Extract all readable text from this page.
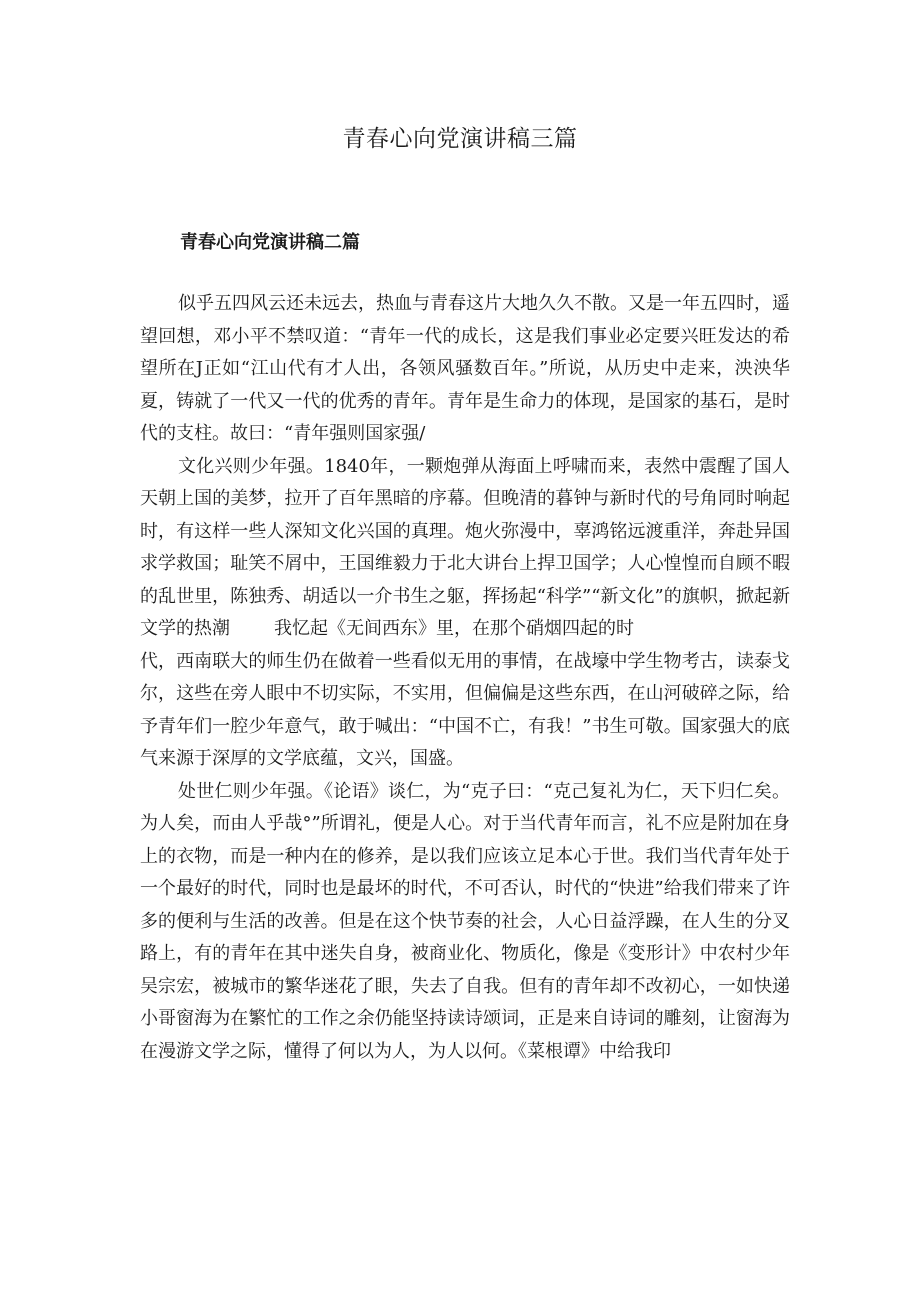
青春心向党演讲稿三篇
青春心向党演讲稿二篇

似乎五四风云还未远去，热血与青春这片大地久久不散。又是一年五四时，遥望回想，邓小平不禁叹道：“青年一代的成长，这是我们事业必定要兴旺发达的希望所在J正如“江山代有才人出，各领风骚数百年。”所说，从历史中走来，泱泱华夏，铸就了一代又一代的优秀的青年。青年是生命力的体现，是国家的基石，是时代的支柱。故曰：“青年强则国家强/

文化兴则少年强。1840年，一颗炮弹从海面上呼啸而来，表然中震醒了国人天朝上国的美梦，拉开了百年黑暗的序幕。但晚清的暮钟与新时代的号角同时响起时，有这样一些人深知文化兴国的真理。炮火弥漫中，辜鸿铭远渡重洋，奔赴异国求学救国；耻笑不屑中，王国维毅力于北大讲台上捍卫国学；人心惶惶而自顾不暇的乱世里，陈独秀、胡适以一介书生之躯，挥扬起“科学”“新文化”的旗帜，掀起新文学的热潮 我忆起《无间西东》里，在那个硝烟四起的时

代，西南联大的师生仍在做着一些看似无用的事情，在战壕中学生物考古，读泰戈尔，这些在旁人眼中不切实际，不实用，但偏偏是这些东西，在山河破碎之际，给予青年们一腔少年意气，敢于喊出：“中国不亡，有我！”书生可敬。国家强大的底气来源于深厚的文学底蕴，文兴，国盛。

处世仁则少年强。《论语》谈仁，为“克子曰：“克己复礼为仁，天下归仁矣。为人矣，而由人乎哉°”所谓礼，便是人心。对于当代青年而言，礼不应是附加在身上的衣物，而是一种内在的修养，是以我们应该立足本心于世。我们当代青年处于一个最好的时代，同时也是最坏的时代，不可否认，时代的“快进”给我们带来了许多的便利与生活的改善。但是在这个快节奏的社会，人心日益浮躁，在人生的分叉路上，有的青年在其中迷失自身，被商业化、物质化，像是《变形计》中农村少年吴宗宏，被城市的繁华迷花了眼，失去了自我。但有的青年却不改初心，一如快递小哥窗海为在繁忙的工作之余仍能坚持读诗颂词，正是来自诗词的雕刻，让窗海为在漫游文学之际，懂得了何以为人，为人以何。《菜根谭》中给我印
